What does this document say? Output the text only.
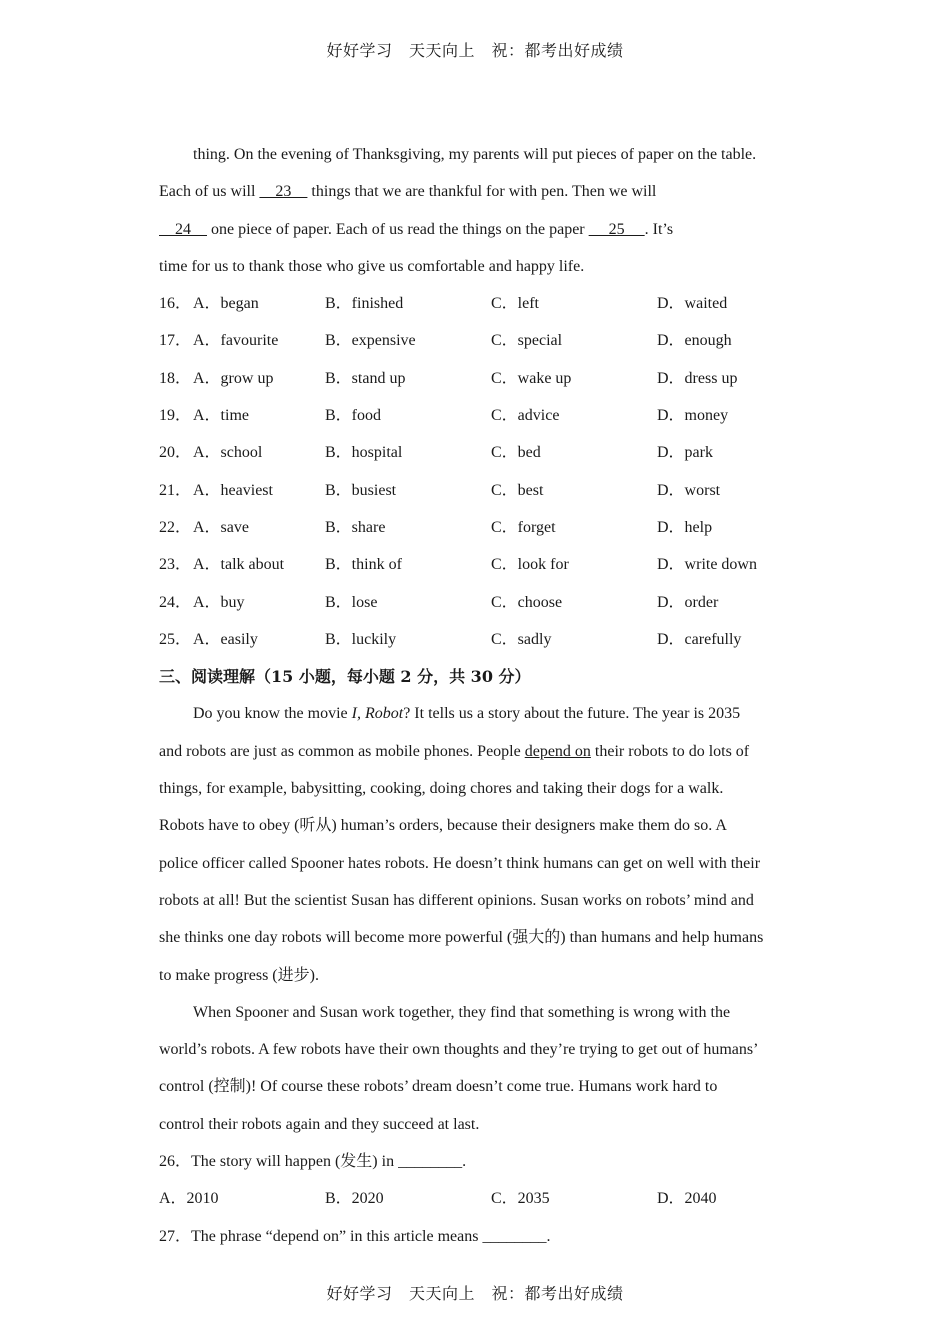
好好学习　天天向上　祝：都考出好成绩

thing. On the evening of Thanksgiving, my parents will put pieces of paper on the table.

Each of us will     23     things that we are thankful for with pen. Then we will

24     one piece of paper. Each of us read the things on the paper      25     . It’s

time for us to thank those who give us comfortable and happy life.

16． A．began	B．finished	C．left	D．waited
17． A．favourite	B．expensive	C．special	D．enough
18． A．grow up	B．stand up	C．wake up	D．dress up
19． A．time	B．food	C．advice	D．money
20． A．school	B．hospital	C．bed	D．park
21． A．heaviest	B．busiest	C．best	D．worst
22． A．save	B．share	C．forget	D．help
23． A．talk about	B．think of	C．look for	D．write down
24． A．buy	B．lose	C．choose	D．order
25． A．easily	B．luckily	C．sadly	D．carefully

三、阅读理解（15 小题，每小题 2 分，共 30 分）

Do you know the movie I, Robot? It tells us a story about the future. The year is 2035

and robots are just as common as mobile phones. People depend on their robots to do lots of

things, for example, babysitting, cooking, doing chores and taking their dogs for a walk.

Robots have to obey (听从) human’s orders, because their designers make them do so. A

police officer called Spooner hates robots. He doesn’t think humans can get on well with their

robots at all! But the scientist Susan has different opinions. Susan works on robots’ mind and

she thinks one day robots will become more powerful (强大的) than humans and help humans

to make progress (进步).

When Spooner and Susan work together, they find that something is wrong with the

world’s robots. A few robots have their own thoughts and they’re trying to get out of humans’

control (控制)! Of course these robots’ dream doesn’t come true. Humans work hard to

control their robots again and they succeed at last.

26．The story will happen (发生) in ________.

A．2010	B．2020	C．2035	D．2040

27．The phrase “depend on” in this article means ________.

好好学习　天天向上　祝：都考出好成绩
